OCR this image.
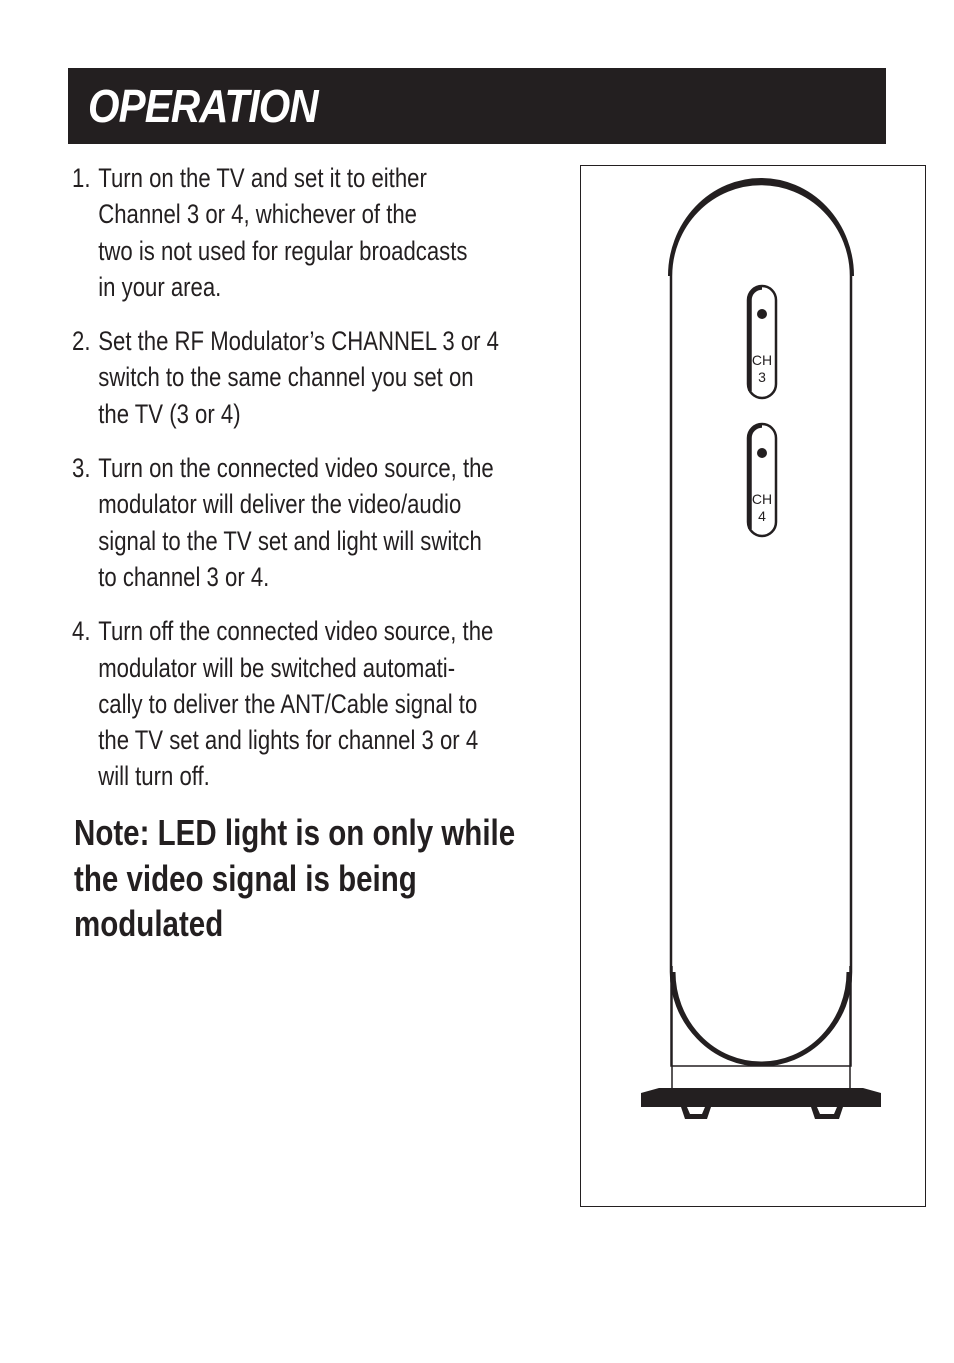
OPERATION
1. Turn on the TV and set it to either
Channel 3 or 4, whichever of the
two is not used for regular broadcasts
in your area.
2. Set the RF Modulator’s CHANNEL 3 or 4
switch to the same channel you set on
the TV (3 or 4)
3. Turn on the connected video source, the
modulator will deliver the video/audio
signal to the TV set and light will switch
to channel 3 or 4.
4. Turn off the connected video source, the
modulator will be switched automati-
cally to deliver the ANT/Cable signal to
the TV set and lights for channel 3 or 4
will turn off.

Note: LED light is on only while
the video signal is being
modulated

CH
3
CH
4
